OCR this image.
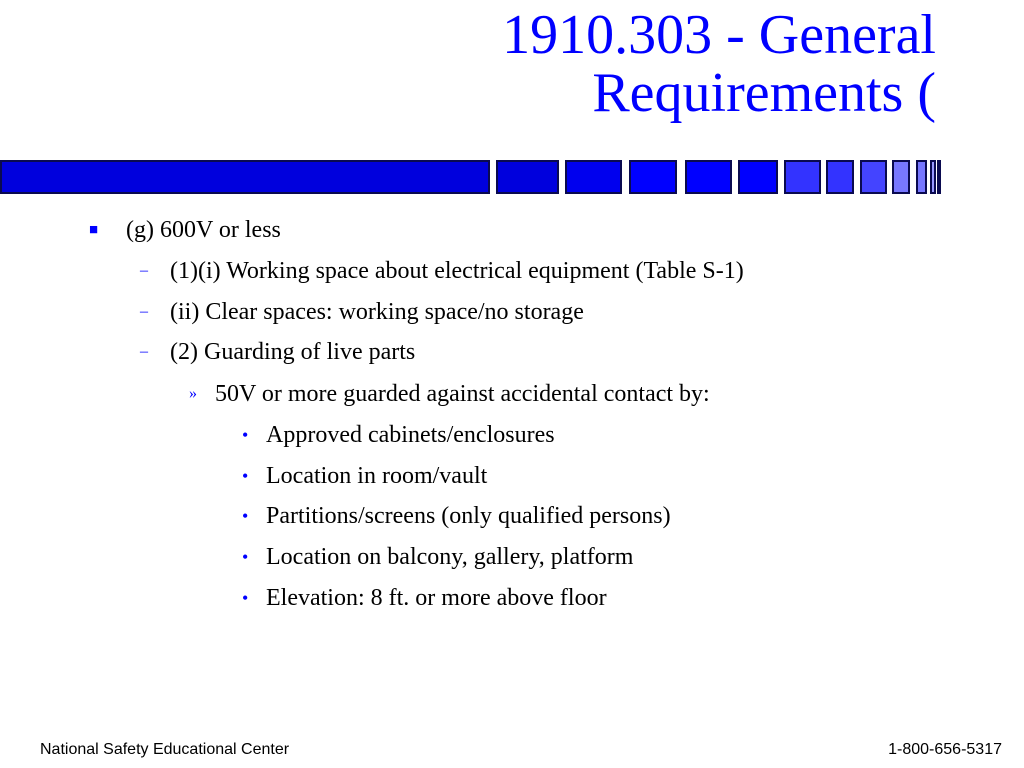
1910.303 - General
Requirements (
■ (g) 600V or less
– (1)(i) Working space about electrical equipment (Table S-1)
– (ii) Clear spaces: working space/no storage
– (2) Guarding of live parts
» 50V or more guarded against accidental contact by:
• Approved cabinets/enclosures
• Location in room/vault
• Partitions/screens (only qualified persons)
• Location on balcony, gallery, platform
• Elevation: 8 ft. or more above floor
National Safety Educational Center	1-800-656-5317
